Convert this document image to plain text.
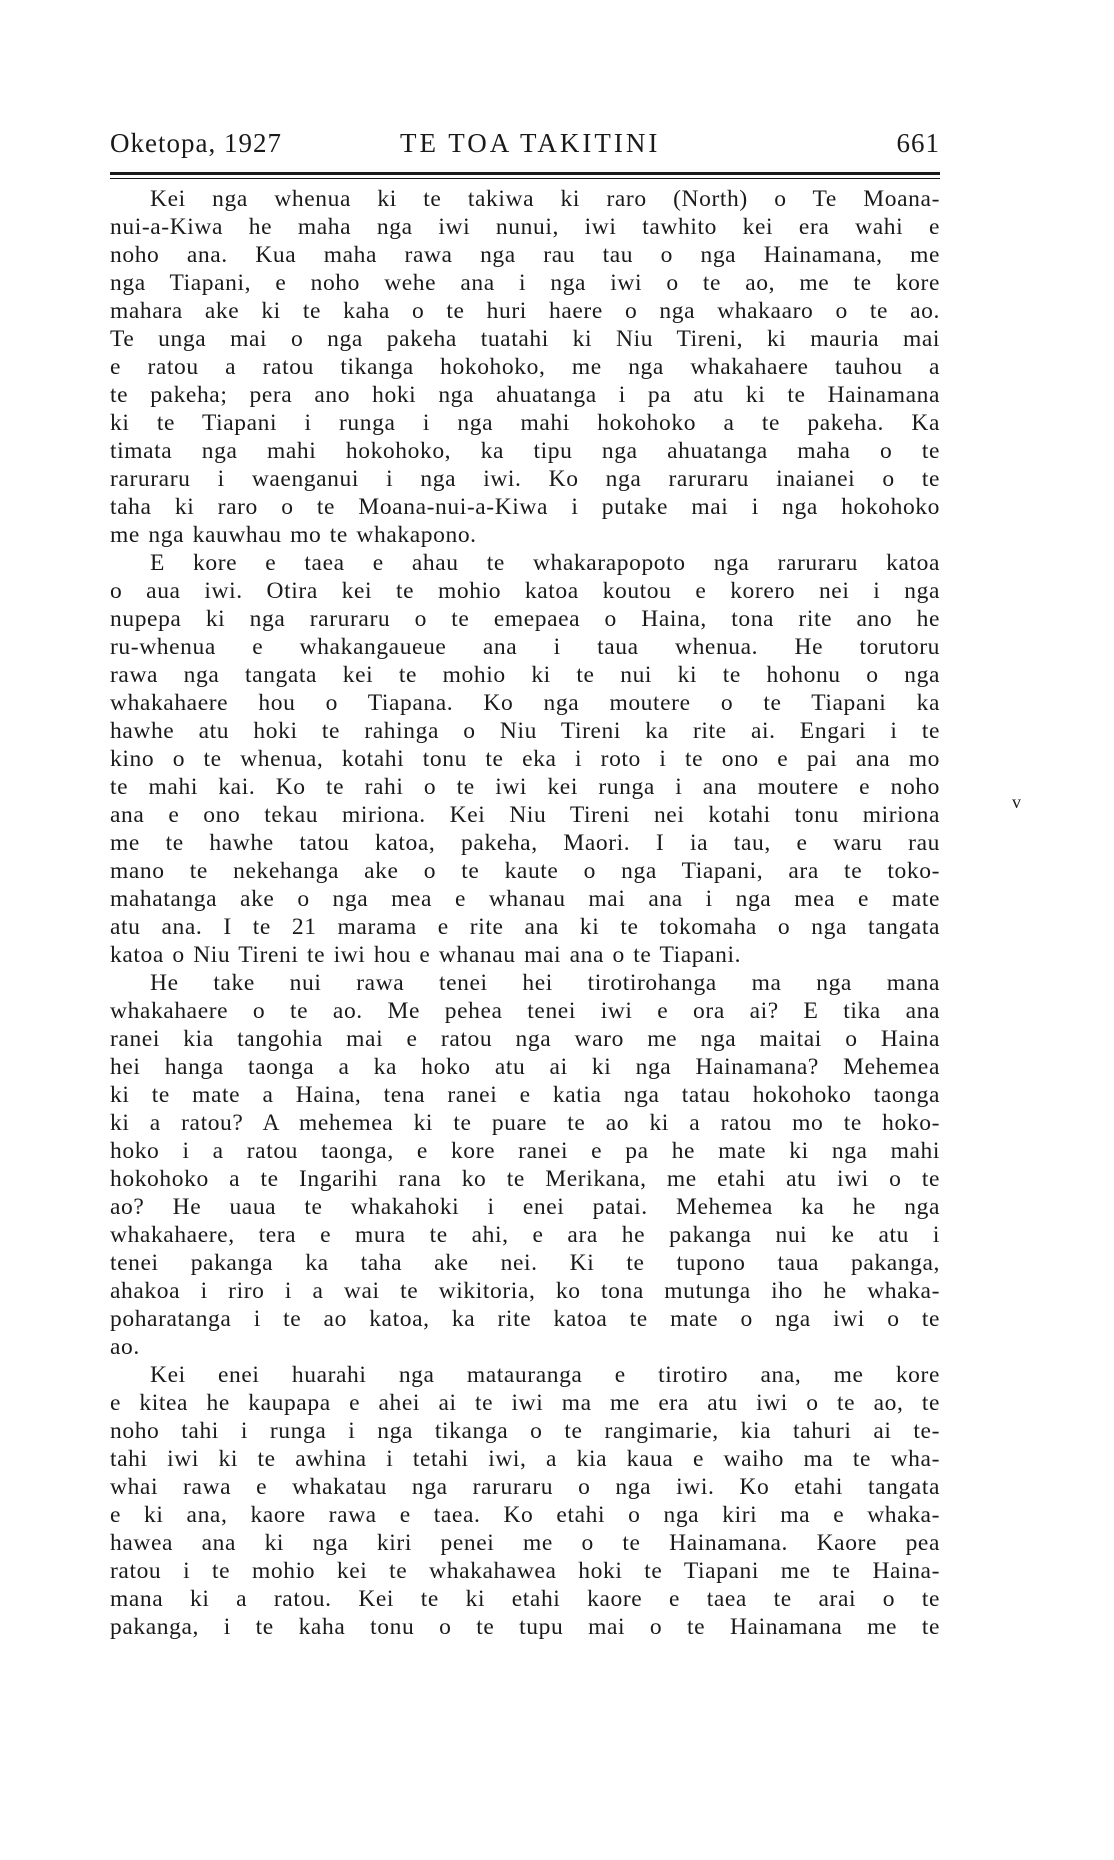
Oketopa, 1927	TE TOA TAKITINI	661
Kei nga whenua ki te takiwa ki raro (North) o Te Moana-
nui-a-Kiwa he maha nga iwi nunui, iwi tawhito kei era wahi e
noho ana. Kua maha rawa nga rau tau o nga Hainamana, me
nga Tiapani, e noho wehe ana i nga iwi o te ao, me te kore
mahara ake ki te kaha o te huri haere o nga whakaaro o te ao.
Te unga mai o nga pakeha tuatahi ki Niu Tireni, ki mauria mai
e ratou a ratou tikanga hokohoko, me nga whakahaere tauhou a
te pakeha; pera ano hoki nga ahuatanga i pa atu ki te Hainamana
ki te Tiapani i runga i nga mahi hokohoko a te pakeha. Ka
timata nga mahi hokohoko, ka tipu nga ahuatanga maha o te
raruraru i waenganui i nga iwi. Ko nga raruraru inaianei o te
taha ki raro o te Moana-nui-a-Kiwa i putake mai i nga hokohoko
me nga kauwhau mo te whakapono.
E kore e taea e ahau te whakarapopoto nga raruraru katoa
o aua iwi. Otira kei te mohio katoa koutou e korero nei i nga
nupepa ki nga raruraru o te emepaea o Haina, tona rite ano he
ru-whenua e whakangaueue ana i taua whenua. He torutoru
rawa nga tangata kei te mohio ki te nui ki te hohonu o nga
whakahaere hou o Tiapana. Ko nga moutere o te Tiapani ka
hawhe atu hoki te rahinga o Niu Tireni ka rite ai. Engari i te
kino o te whenua, kotahi tonu te eka i roto i te ono e pai ana mo
te mahi kai. Ko te rahi o te iwi kei runga i ana moutere e noho
ana e ono tekau miriona. Kei Niu Tireni nei kotahi tonu miriona
me te hawhe tatou katoa, pakeha, Maori. I ia tau, e waru rau
mano te nekehanga ake o te kaute o nga Tiapani, ara te toko-
mahatanga ake o nga mea e whanau mai ana i nga mea e mate
atu ana. I te 21 marama e rite ana ki te tokomaha o nga tangata
katoa o Niu Tireni te iwi hou e whanau mai ana o te Tiapani.
He take nui rawa tenei hei tirotirohanga ma nga mana
whakahaere o te ao. Me pehea tenei iwi e ora ai? E tika ana
ranei kia tangohia mai e ratou nga waro me nga maitai o Haina
hei hanga taonga a ka hoko atu ai ki nga Hainamana? Mehemea
ki te mate a Haina, tena ranei e katia nga tatau hokohoko taonga
ki a ratou? A mehemea ki te puare te ao ki a ratou mo te hoko-
hoko i a ratou taonga, e kore ranei e pa he mate ki nga mahi
hokohoko a te Ingarihi rana ko te Merikana, me etahi atu iwi o te
ao? He uaua te whakahoki i enei patai. Mehemea ka he nga
whakahaere, tera e mura te ahi, e ara he pakanga nui ke atu i
tenei pakanga ka taha ake nei. Ki te tupono taua pakanga,
ahakoa i riro i a wai te wikitoria, ko tona mutunga iho he whaka-
poharatanga i te ao katoa, ka rite katoa te mate o nga iwi o te
ao.
Kei enei huarahi nga matauranga e tirotiro ana, me kore
e kitea he kaupapa e ahei ai te iwi ma me era atu iwi o te ao, te
noho tahi i runga i nga tikanga o te rangimarie, kia tahuri ai te-
tahi iwi ki te awhina i tetahi iwi, a kia kaua e waiho ma te wha-
whai rawa e whakatau nga raruraru o nga iwi. Ko etahi tangata
e ki ana, kaore rawa e taea. Ko etahi o nga kiri ma e whaka-
hawea ana ki nga kiri penei me o te Hainamana. Kaore pea
ratou i te mohio kei te whakahawea hoki te Tiapani me te Haina-
mana ki a ratou. Kei te ki etahi kaore e taea te arai o te
pakanga, i te kaha tonu o te tupu mai o te Hainamana me te
v
